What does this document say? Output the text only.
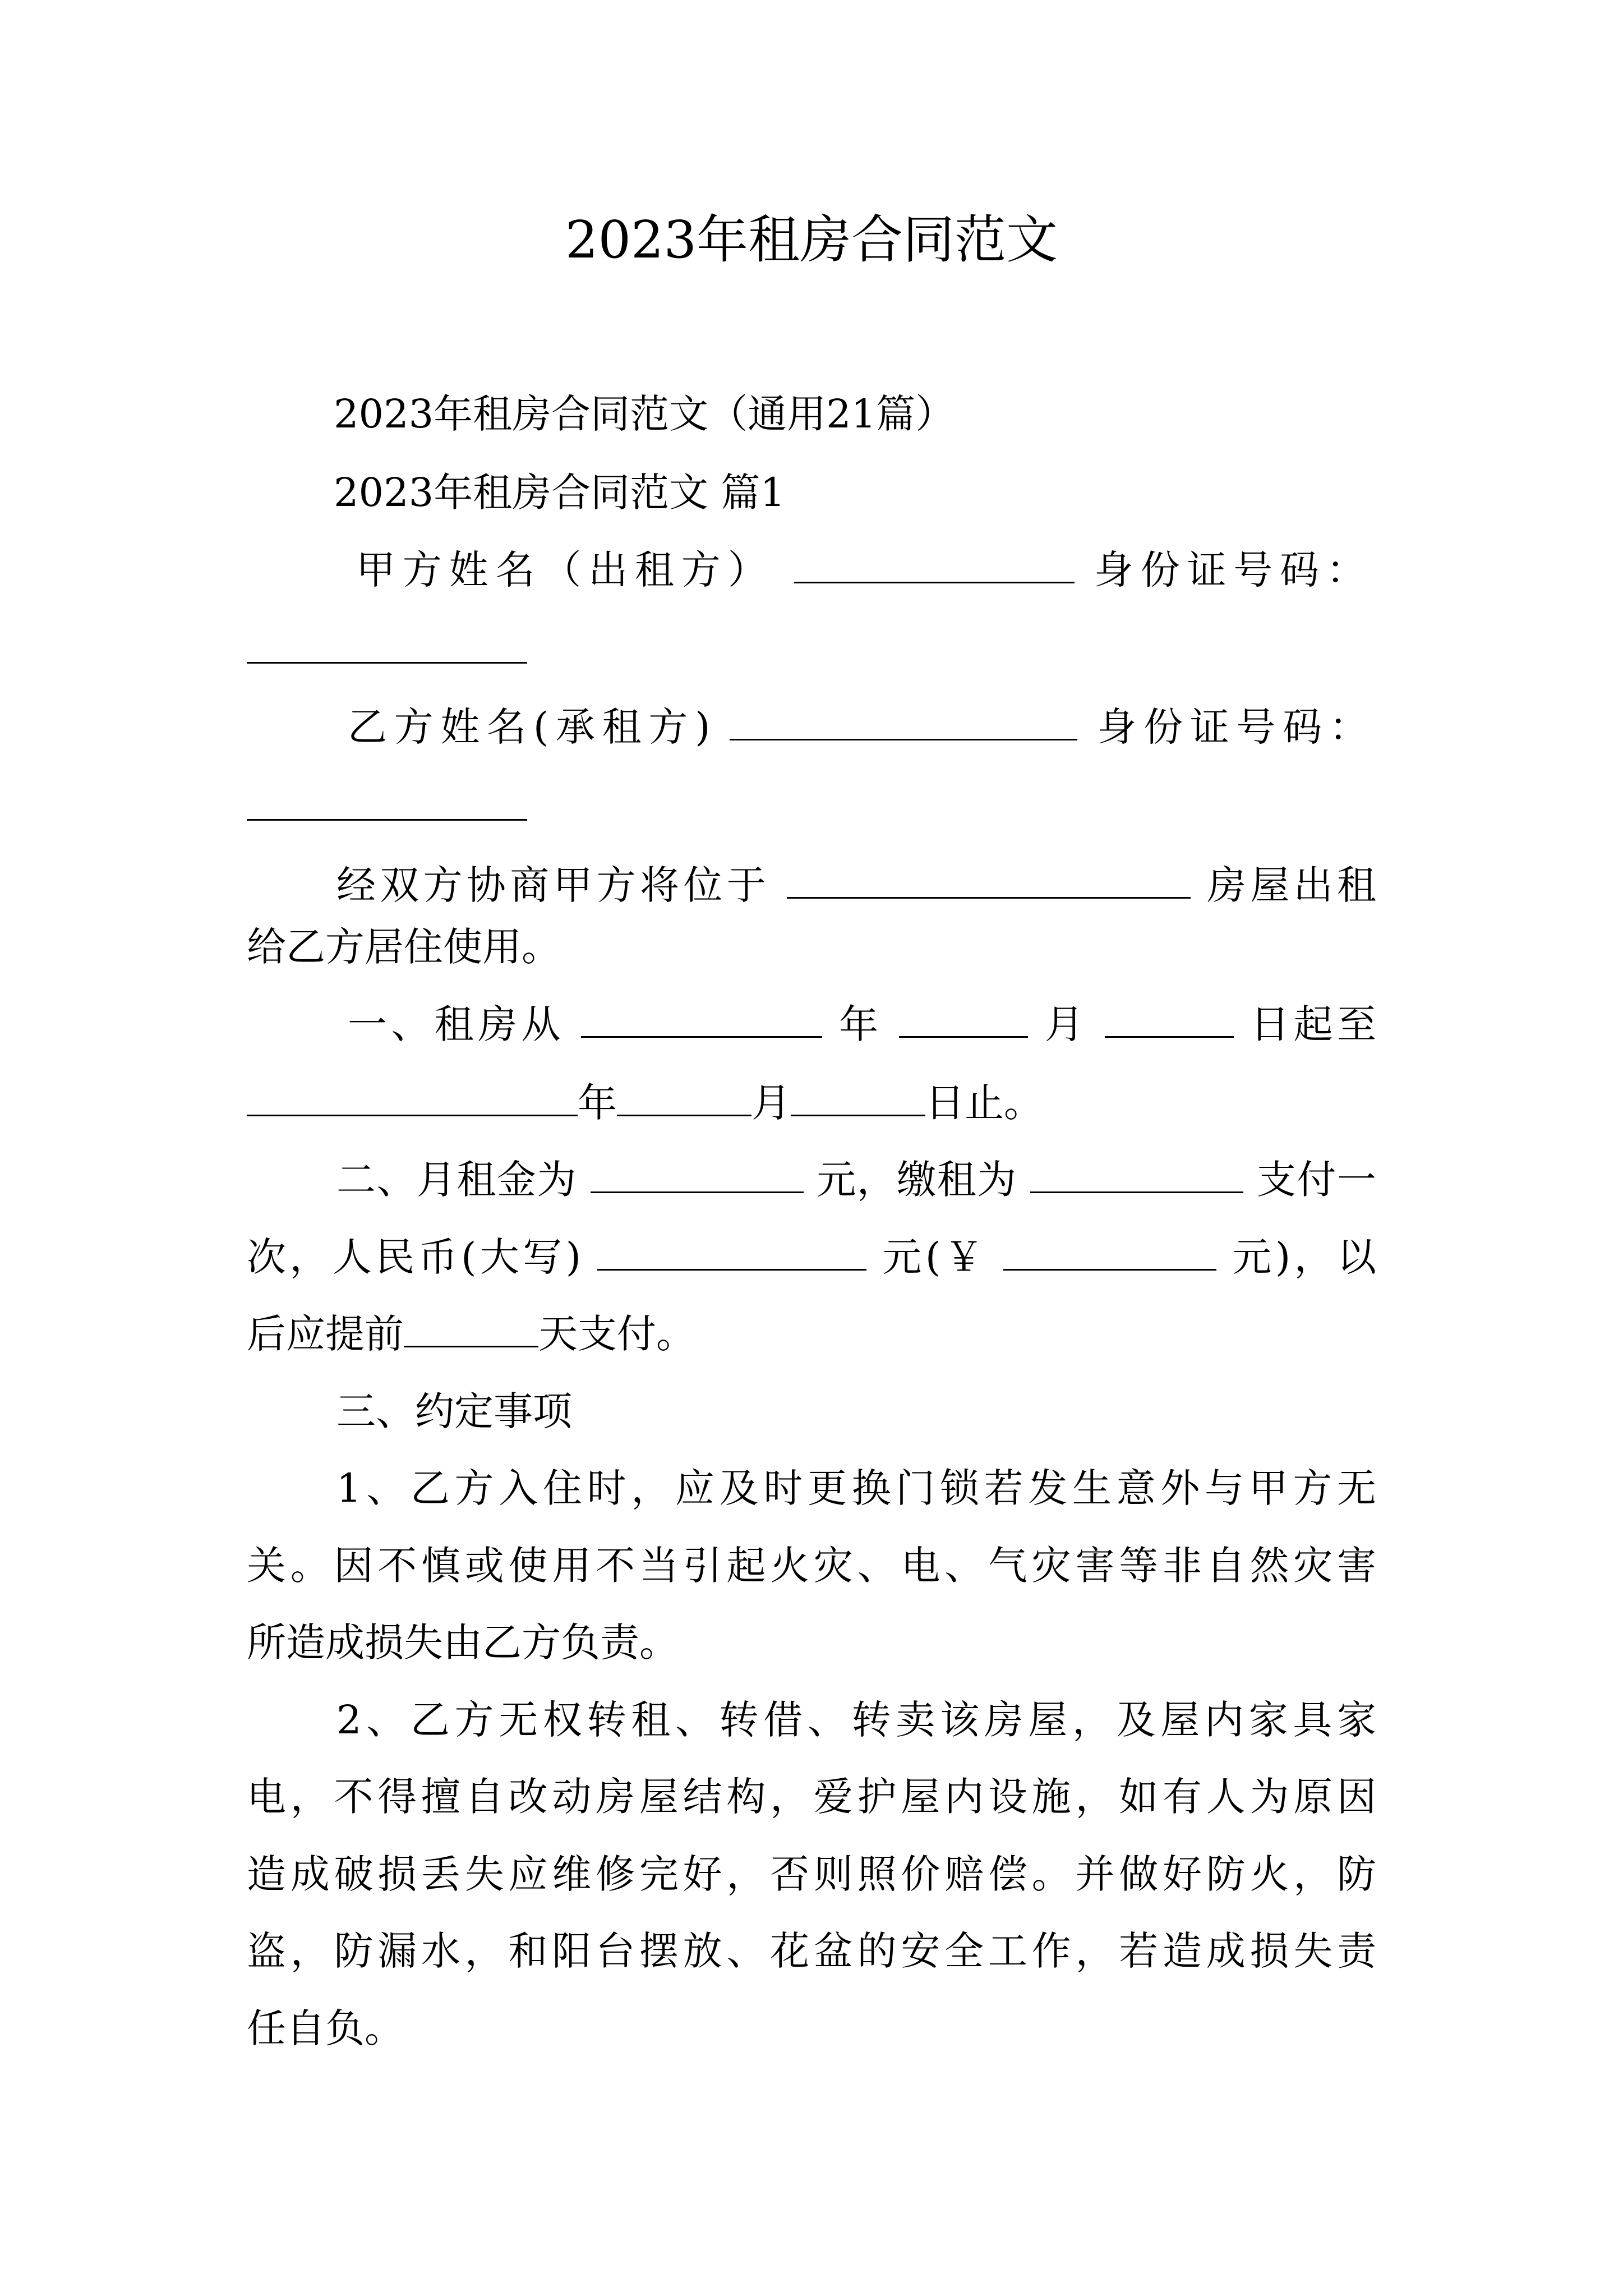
2023年租房合同范文
2023年租房合同范文（通用21篇）
2023年租房合同范文 篇1
甲方姓名（出租方）	身份证号码：
乙方姓名(承租方)	身份证号码：
经双方协商甲方将位于	房屋出租
给乙方居住使用。
一、租房从	年	月	日起至
年	月	日止。
二、月租金为	元，缴租为	支付一
次，人民币(大写)	元(￥	元)，以
后应提前	天支付。
三、约定事项
1、乙方入住时，应及时更换门锁若发生意外与甲方无
关。因不慎或使用不当引起火灾、电、气灾害等非自然灾害
所造成损失由乙方负责。
2、乙方无权转租、转借、转卖该房屋，及屋内家具家
电，不得擅自改动房屋结构，爱护屋内设施，如有人为原因
造成破损丢失应维修完好，否则照价赔偿。并做好防火，防
盗，防漏水，和阳台摆放、花盆的安全工作，若造成损失责
任自负。
